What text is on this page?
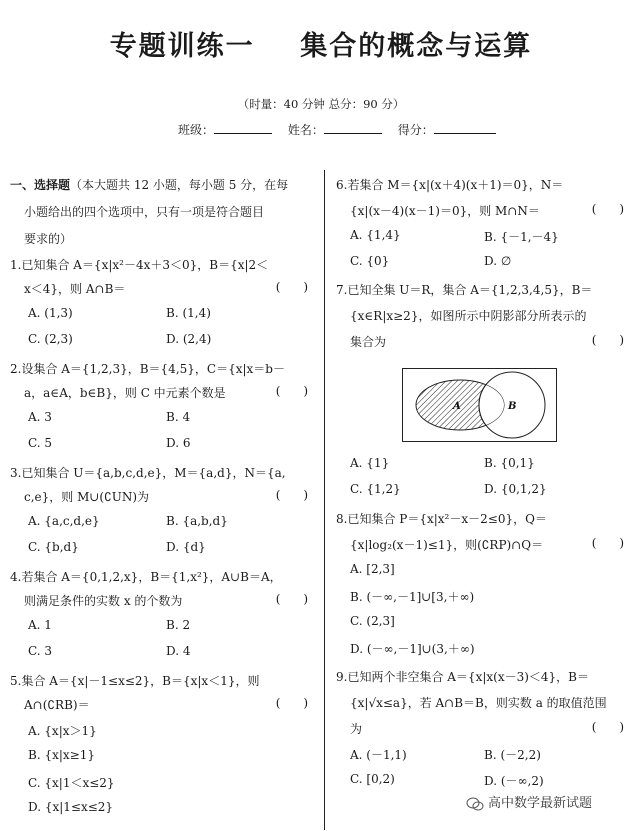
专题训练一    集合的概念与运算
（时量：40 分钟 总分：90 分）
班级：	姓名：	得分：
一、选择题（本大题共 12 小题，每小题 5 分，在每
小题给出的四个选项中，只有一项是符合题目
要求的）
1.已知集合 A＝{x|x²－4x＋3＜0}，B＝{x|2＜
x＜4}，则 A∩B＝	(      )
A. (1,3)	B. (1,4)
C. (2,3)	D. (2,4)
2.设集合 A＝{1,2,3}，B＝{4,5}，C＝{x|x＝b－
a，a∈A，b∈B}，则 C 中元素个数是	(      )
A. 3	B. 4
C. 5	D. 6
3.已知集合 U＝{a,b,c,d,e}，M＝{a,d}，N＝{a,
c,e}，则 M∪(∁UN)为	(      )
A. {a,c,d,e}	B. {a,b,d}
C. {b,d}	D. {d}
4.若集合 A＝{0,1,2,x}，B＝{1,x²}，A∪B＝A，
则满足条件的实数 x 的个数为	(      )
A. 1	B. 2
C. 3	D. 4
5.集合 A＝{x|－1≤x≤2}，B＝{x|x＜1}，则
A∩(∁RB)＝	(      )
A. {x|x＞1}
B. {x|x≥1}
C. {x|1＜x≤2}
D. {x|1≤x≤2}
6.若集合 M＝{x|(x＋4)(x＋1)＝0}，N＝
{x|(x－4)(x－1)＝0}，则 M∩N＝	(      )
A. {1,4}	B. {－1,－4}
C. {0}	D. ∅
7.已知全集 U＝R，集合 A＝{1,2,3,4,5}，B＝
{x∈R|x≥2}，如图所示中阴影部分所表示的
集合为	(      )
A	B
A. {1}	B. {0,1}
C. {1,2}	D. {0,1,2}
8.已知集合 P＝{x|x²－x－2≤0}，Q＝
{x|log₂(x－1)≤1}，则(∁RP)∩Q＝	(      )
A. [2,3]
B. (－∞,－1]∪[3,＋∞)
C. (2,3]
D. (－∞,－1]∪(3,＋∞)
9.已知两个非空集合 A＝{x|x(x－3)＜4}，B＝
{x|√x≤a}，若 A∩B＝B，则实数 a 的取值范围
为	(      )
A. (－1,1)	B. (－2,2)
C. [0,2)	D. (－∞,2)
高中数学最新试题
